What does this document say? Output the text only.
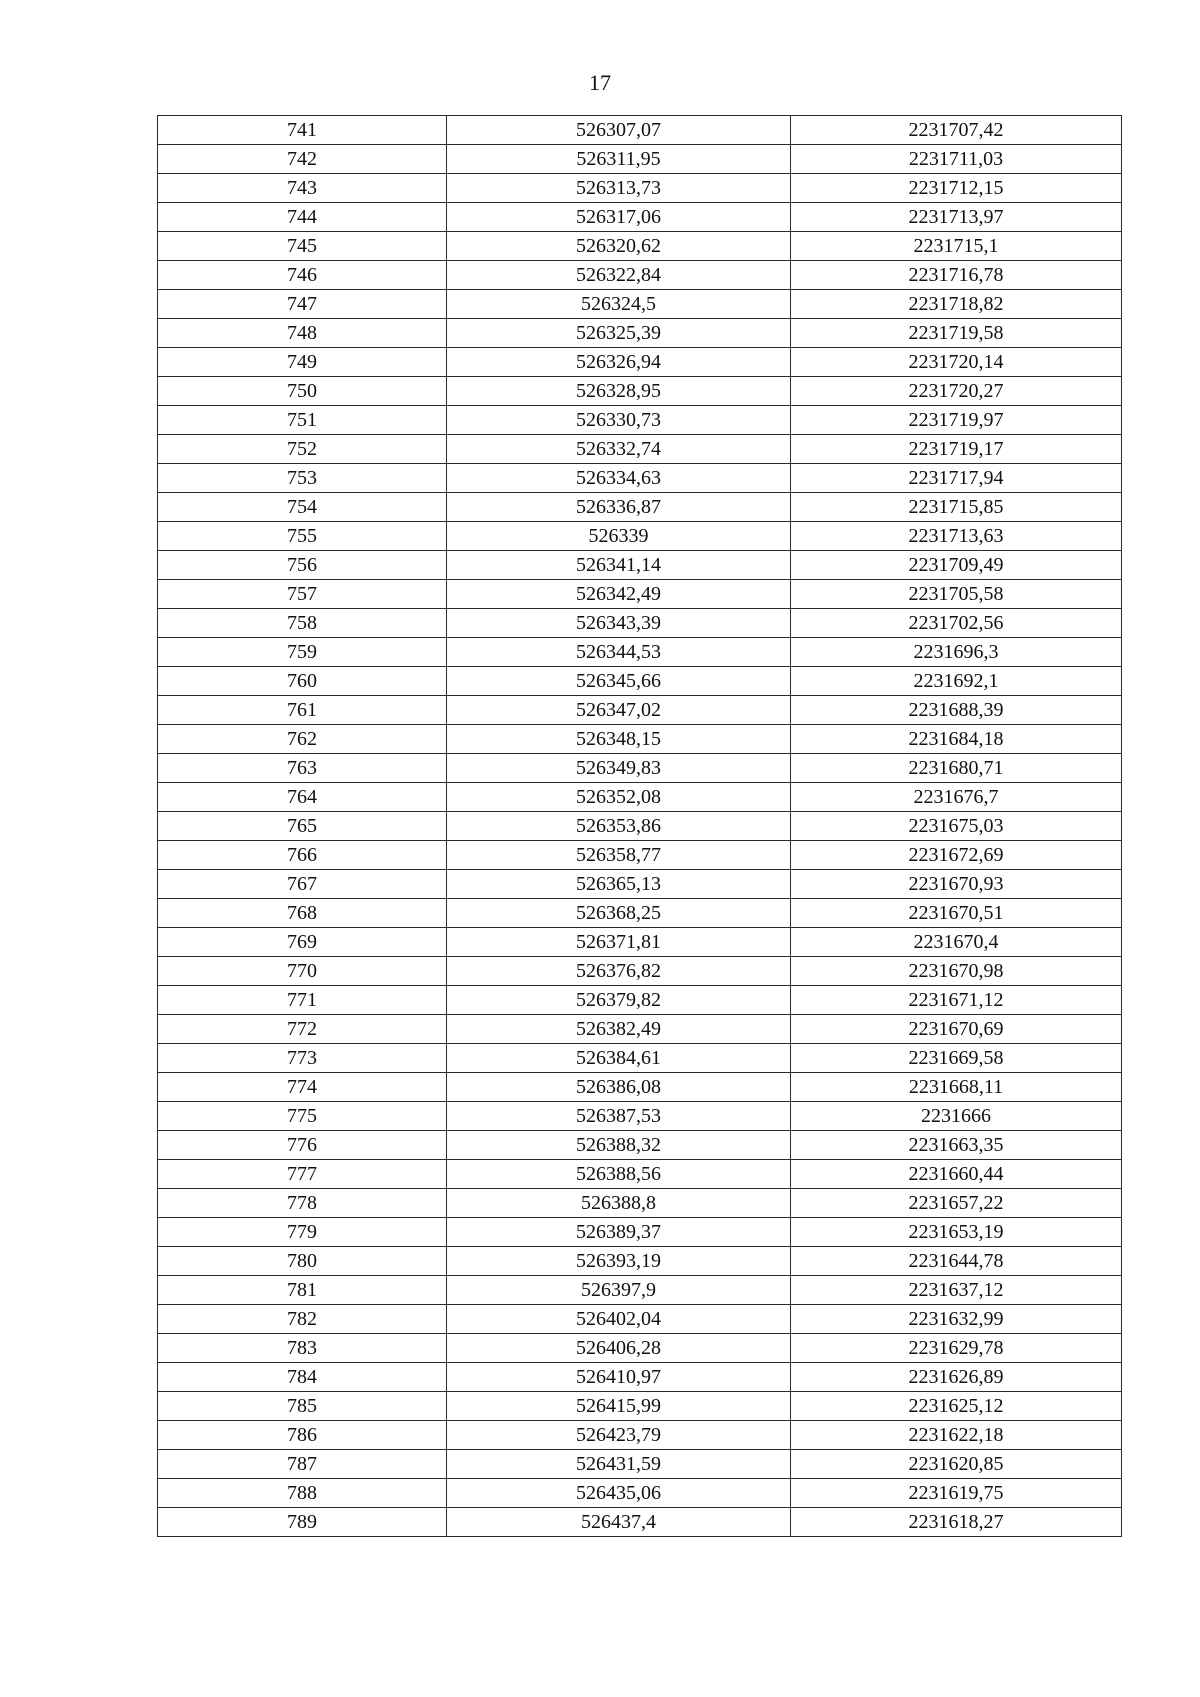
17
741	526307,07	2231707,42
742	526311,95	2231711,03
743	526313,73	2231712,15
744	526317,06	2231713,97
745	526320,62	2231715,1
746	526322,84	2231716,78
747	526324,5	2231718,82
748	526325,39	2231719,58
749	526326,94	2231720,14
750	526328,95	2231720,27
751	526330,73	2231719,97
752	526332,74	2231719,17
753	526334,63	2231717,94
754	526336,87	2231715,85
755	526339	2231713,63
756	526341,14	2231709,49
757	526342,49	2231705,58
758	526343,39	2231702,56
759	526344,53	2231696,3
760	526345,66	2231692,1
761	526347,02	2231688,39
762	526348,15	2231684,18
763	526349,83	2231680,71
764	526352,08	2231676,7
765	526353,86	2231675,03
766	526358,77	2231672,69
767	526365,13	2231670,93
768	526368,25	2231670,51
769	526371,81	2231670,4
770	526376,82	2231670,98
771	526379,82	2231671,12
772	526382,49	2231670,69
773	526384,61	2231669,58
774	526386,08	2231668,11
775	526387,53	2231666
776	526388,32	2231663,35
777	526388,56	2231660,44
778	526388,8	2231657,22
779	526389,37	2231653,19
780	526393,19	2231644,78
781	526397,9	2231637,12
782	526402,04	2231632,99
783	526406,28	2231629,78
784	526410,97	2231626,89
785	526415,99	2231625,12
786	526423,79	2231622,18
787	526431,59	2231620,85
788	526435,06	2231619,75
789	526437,4	2231618,27
